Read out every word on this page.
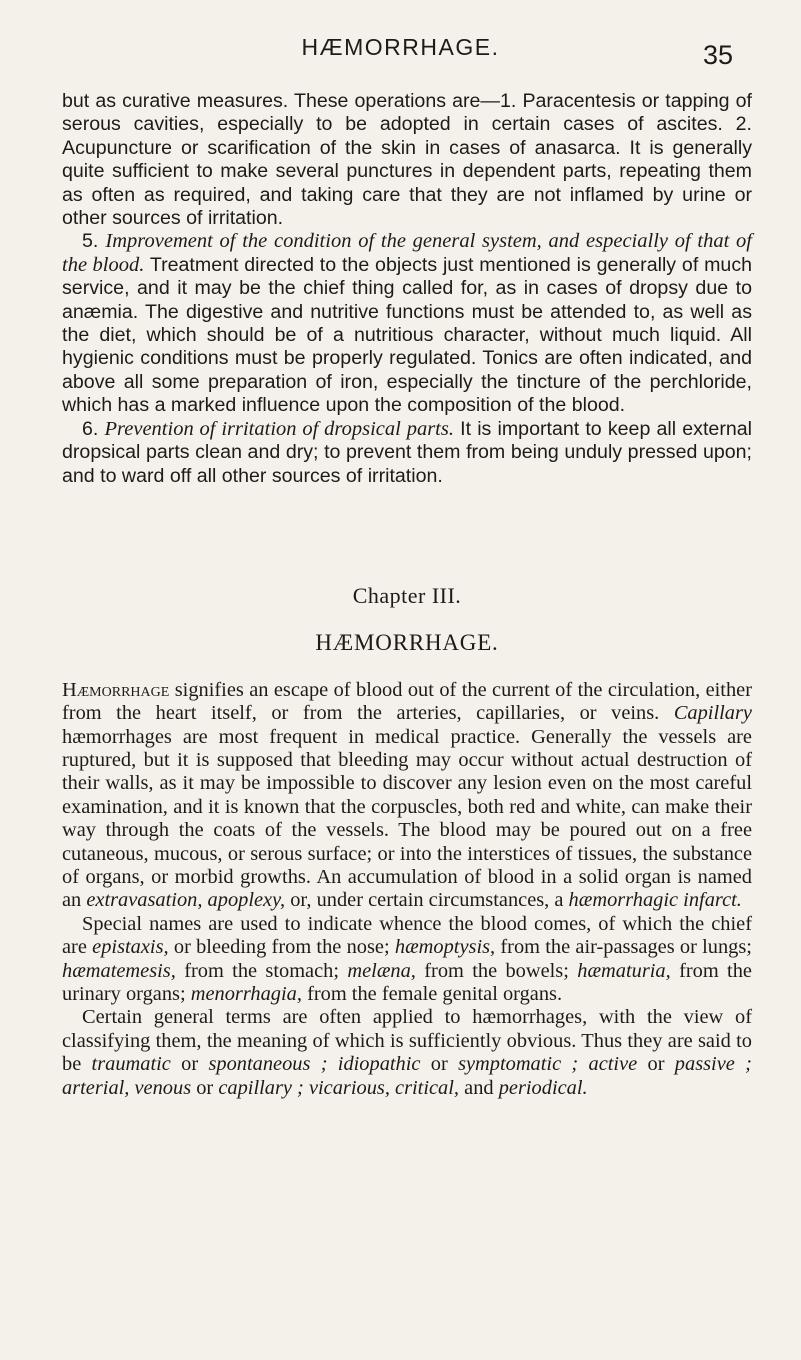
HÆMORRHAGE.	35

but as curative measures. These operations are—1. Paracentesis or tapping of serous cavities, especially to be adopted in certain cases of ascites. 2. Acupuncture or scarification of the skin in cases of anasarca. It is generally quite sufficient to make several punctures in dependent parts, repeating them as often as required, and taking care that they are not inflamed by urine or other sources of irritation.

5. Improvement of the condition of the general system, and especially of that of the blood. Treatment directed to the objects just mentioned is generally of much service, and it may be the chief thing called for, as in cases of dropsy due to anæmia. The digestive and nutritive functions must be attended to, as well as the diet, which should be of a nutritious character, without much liquid. All hygienic conditions must be properly regulated. Tonics are often indicated, and above all some preparation of iron, especially the tincture of the perchloride, which has a marked influence upon the composition of the blood.

6. Prevention of irritation of dropsical parts. It is important to keep all external dropsical parts clean and dry; to prevent them from being unduly pressed upon; and to ward off all other sources of irritation.

Chapter III.
HÆMORRHAGE.

Hæmorrhage signifies an escape of blood out of the current of the circulation, either from the heart itself, or from the arteries, capillaries, or veins. Capillary hæmorrhages are most frequent in medical practice. Generally the vessels are ruptured, but it is supposed that bleeding may occur without actual destruction of their walls, as it may be impossible to discover any lesion even on the most careful examination, and it is known that the corpuscles, both red and white, can make their way through the coats of the vessels. The blood may be poured out on a free cutaneous, mucous, or serous surface; or into the interstices of tissues, the substance of organs, or morbid growths. An accumulation of blood in a solid organ is named an extravasation, apoplexy, or, under certain circumstances, a hæmorrhagic infarct.

Special names are used to indicate whence the blood comes, of which the chief are epistaxis, or bleeding from the nose; hæmoptysis, from the air-passages or lungs; hæmatemesis, from the stomach; melæna, from the bowels; hæmaturia, from the urinary organs; menorrhagia, from the female genital organs.

Certain general terms are often applied to hæmorrhages, with the view of classifying them, the meaning of which is sufficiently obvious. Thus they are said to be traumatic or spontaneous ; idiopathic or symptomatic ; active or passive ; arterial, venous or capillary ; vicarious, critical, and periodical.
